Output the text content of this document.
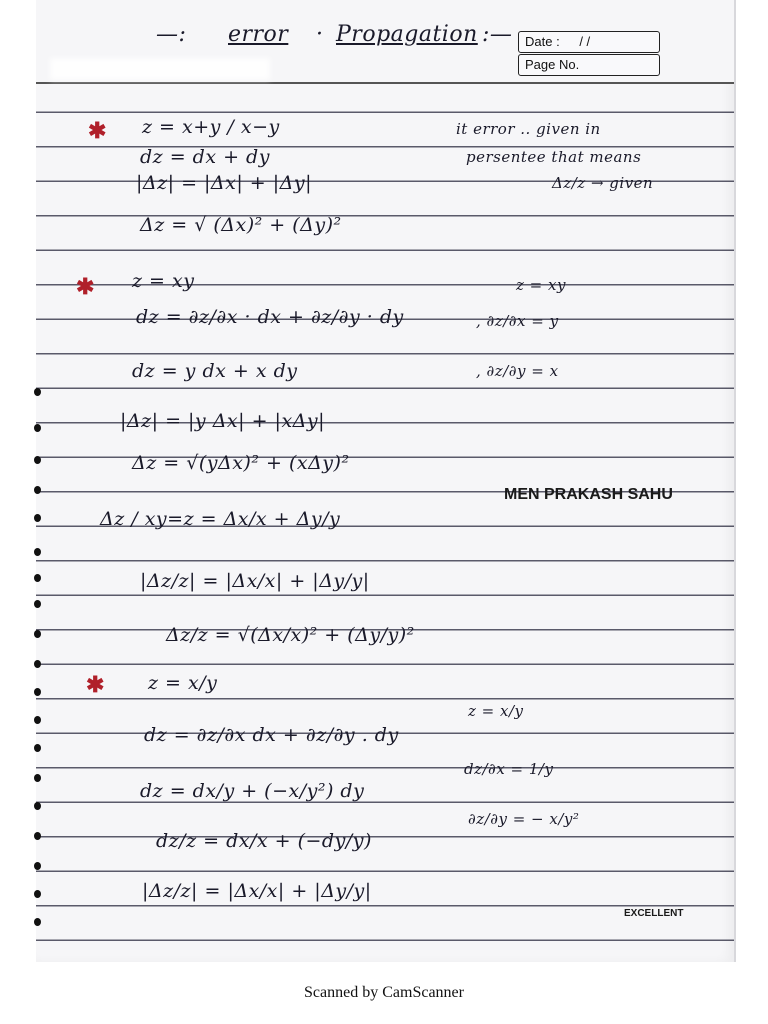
—: error · Propagation :— Date : / /
Page No.
✱ z = x+y / x−y
dz = dx + dy
|Δz| = |Δx| + |Δy|
Δz = √ (Δx)² + (Δy)²
it error .. given in
persentee that means
Δz/z → given
✱ z = xy
dz = ∂z/∂x · dx + ∂z/∂y · dy
dz = y dx + x dy
|Δz| = |y Δx| + |xΔy|
Δz = √(yΔx)² + (xΔy)²
Δz / xy=z = Δx/x + Δy/y
|Δz/z| = |Δx/x| + |Δy/y|
Δz/z = √(Δx/x)² + (Δy/y)²
z = xy
, ∂z/∂x = y
, ∂z/∂y = x
MEN PRAKASH SAHU
✱ z = x/y
dz = ∂z/∂x dx + ∂z/∂y . dy
dz = dx/y + (−x/y²) dy
dz/z = dx/x + (−dy/y)
|Δz/z| = |Δx/x| + |Δy/y|
z = x/y
dz/∂x = 1/y
∂z/∂y = − x/y²
EXCELLENT
Scanned by CamScanner
